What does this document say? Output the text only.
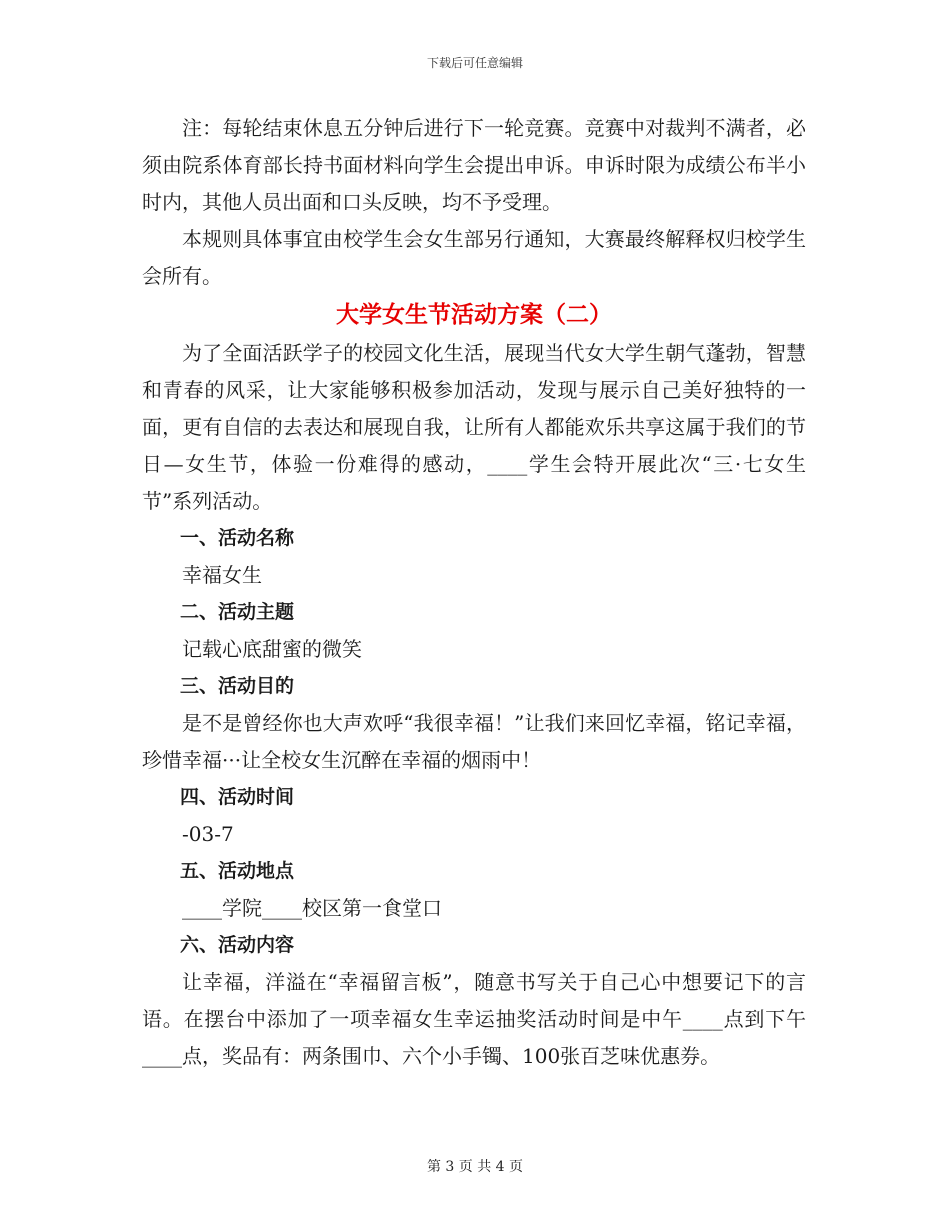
下载后可任意编辑

注：每轮结束休息五分钟后进行下一轮竞赛。竞赛中对裁判不满者，必须由院系体育部长持书面材料向学生会提出申诉。申诉时限为成绩公布半小时内，其他人员出面和口头反映，均不予受理。

本规则具体事宜由校学生会女生部另行通知，大赛最终解释权归校学生会所有。

大学女生节活动方案（二）

为了全面活跃学子的校园文化生活，展现当代女大学生朝气蓬勃，智慧和青春的风采，让大家能够积极参加活动，发现与展示自己美好独特的一面，更有自信的去表达和展现自我，让所有人都能欢乐共享这属于我们的节日—女生节，体验一份难得的感动，____学生会特开展此次“三·七女生节”系列活动。

一、活动名称

幸福女生

二、活动主题

记载心底甜蜜的微笑

三、活动目的

是不是曾经你也大声欢呼“我很幸福！”让我们来回忆幸福，铭记幸福，珍惜幸福···让全校女生沉醉在幸福的烟雨中！

四、活动时间

-03-7

五、活动地点

____学院____校区第一食堂口

六、活动内容

让幸福，洋溢在“幸福留言板”，随意书写关于自己心中想要记下的言语。在摆台中添加了一项幸福女生幸运抽奖活动时间是中午____点到下午____点，奖品有：两条围巾、六个小手镯、100张百芝味优惠券。

第 3 页 共 4 页
